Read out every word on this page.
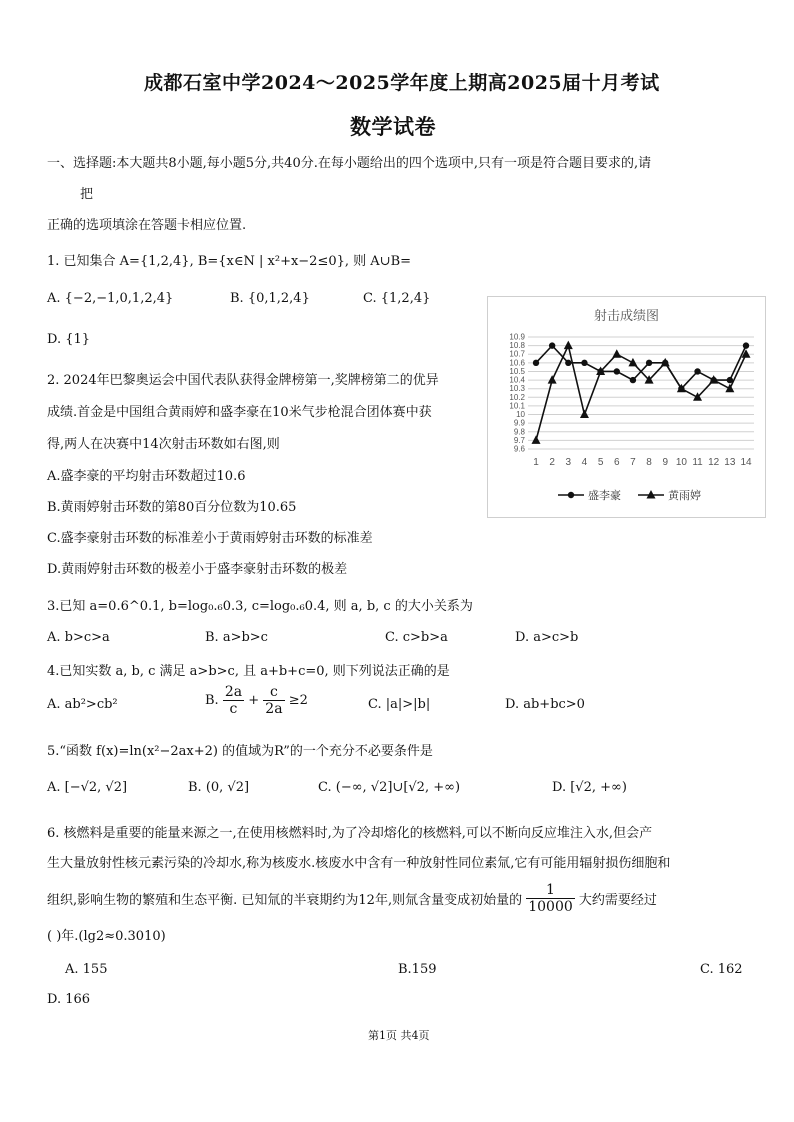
成都石室中学2024～2025学年度上期高2025届十月考试
数学试卷
一、选择题:本大题共8小题,每小题5分,共40分.在每小题给出的四个选项中,只有一项是符合题目要求的,请
把
正确的选项填涂在答题卡相应位置.
1. 已知集合 A={1,2,4}, B={x∈N | x²+x−2≤0}, 则 A∪B=
A. {−2,−1,0,1,2,4}	B. {0,1,2,4}	C. {1,2,4}
D. {1}
2. 2024年巴黎奥运会中国代表队获得金牌榜第一,奖牌榜第二的优异
成绩.首金是中国组合黄雨婷和盛李豪在10米气步枪混合团体赛中获
得,两人在决赛中14次射击环数如右图,则
A.盛李豪的平均射击环数超过10.6
B.黄雨婷射击环数的第80百分位数为10.65
C.盛李豪射击环数的标准差小于黄雨婷射击环数的标准差
D.黄雨婷射击环数的极差小于盛李豪射击环数的极差
射击成绩图
10.9
10.8
10.7
10.6
10.5
10.4
10.3
10.2
10.1
10
9.9
9.8
9.7
9.6
1 2 3 4 5 6 7 8 9 10 11 12 13 14
盛李豪	黄雨婷
3.已知 a=0.6^0.1, b=log₀.₆0.3, c=log₀.₆0.4, 则 a, b, c 的大小关系为
A. b>c>a	B. a>b>c	C. c>b>a	D. a>c>b
4.已知实数 a, b, c 满足 a>b>c, 且 a+b+c=0, 则下列说法正确的是
A. ab²>cb²	B. $\frac{2a}{c} + \frac{c}{2a} \ge 2$	C. |a|>|b|	D. ab+bc>0
5.“函数 f(x)=ln(x²−2ax+2) 的值域为R”的一个充分不必要条件是
A. [−√2, √2]	B. (0, √2]	C. (−∞, √2]∪[√2, +∞)	D. [√2, +∞)
6. 核燃料是重要的能量来源之一,在使用核燃料时,为了冷却熔化的核燃料,可以不断向反应堆注入水,但会产
生大量放射性核元素污染的冷却水,称为核废水.核废水中含有一种放射性同位素氚,它有可能用辐射损伤细胞和
组织,影响生物的繁殖和生态平衡. 已知氚的半衰期约为12年,则氚含量变成初始量的 $\frac{1}{10000}$ 大约需要经过
( )年.(lg2≈0.3010)
A. 155	B.159	C. 162
D. 166
第1页 共4页
